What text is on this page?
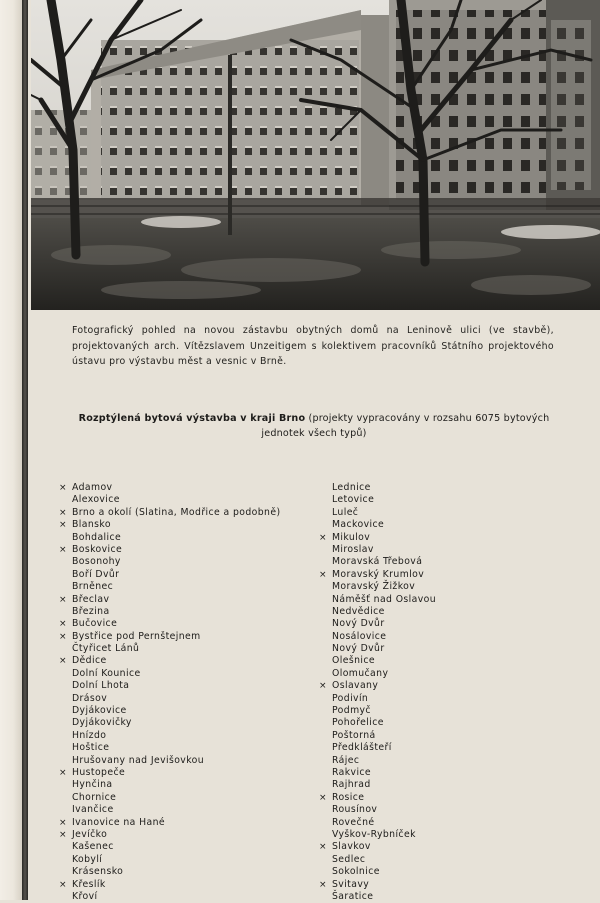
Fotografický pohled na novou zástavbu obytných domů na Leninově ulici (ve stavbě), projektovaných arch. Vítězslavem Unzeitigem s kolektivem pracovníků Státního projektového ústavu pro výstavbu měst a vesnic v Brně.
Rozptýlená bytová výstavba v kraji Brno (projekty vypracovány v rozsahu 6075 bytových jednotek všech typů)
× Adamov
Alexovice
× Brno a okolí (Slatina, Modřice a podobně)
× Blansko
Bohdalice
× Boskovice
Bosonohy
Boří Dvůr
Brněnec
× Břeclav
Březina
× Bučovice
× Bystřice pod Pernštejnem
Čtyřicet Lánů
× Dědice
Dolní Kounice
Dolní Lhota
Drásov
Dyjákovice
Dyjákovičky
Hnízdo
Hoštice
Hrušovany nad Jevišovkou
× Hustopeče
Hynčina
Chornice
Ivančice
× Ivanovice na Hané
× Jevíčko
Kašenec
Kobylí
Krásensko
× Křeslík
Křoví
Lednice
Letovice
Luleč
Mackovice
× Mikulov
Miroslav
Moravská Třebová
× Moravský Krumlov
Moravský Žižkov
Náměšť nad Oslavou
Nedvědice
Nový Dvůr
Nosálovice
Nový Dvůr
Olešnice
Olomučany
× Oslavany
Podivín
Podmyč
Pohořelice
Poštorná
Předklášteří
Rájec
Rakvice
Rajhrad
× Rosice
Rousínov
Rovečné
Vyškov-Rybníček
× Slavkov
Sedlec
Sokolnice
× Svitavy
Šaratice
